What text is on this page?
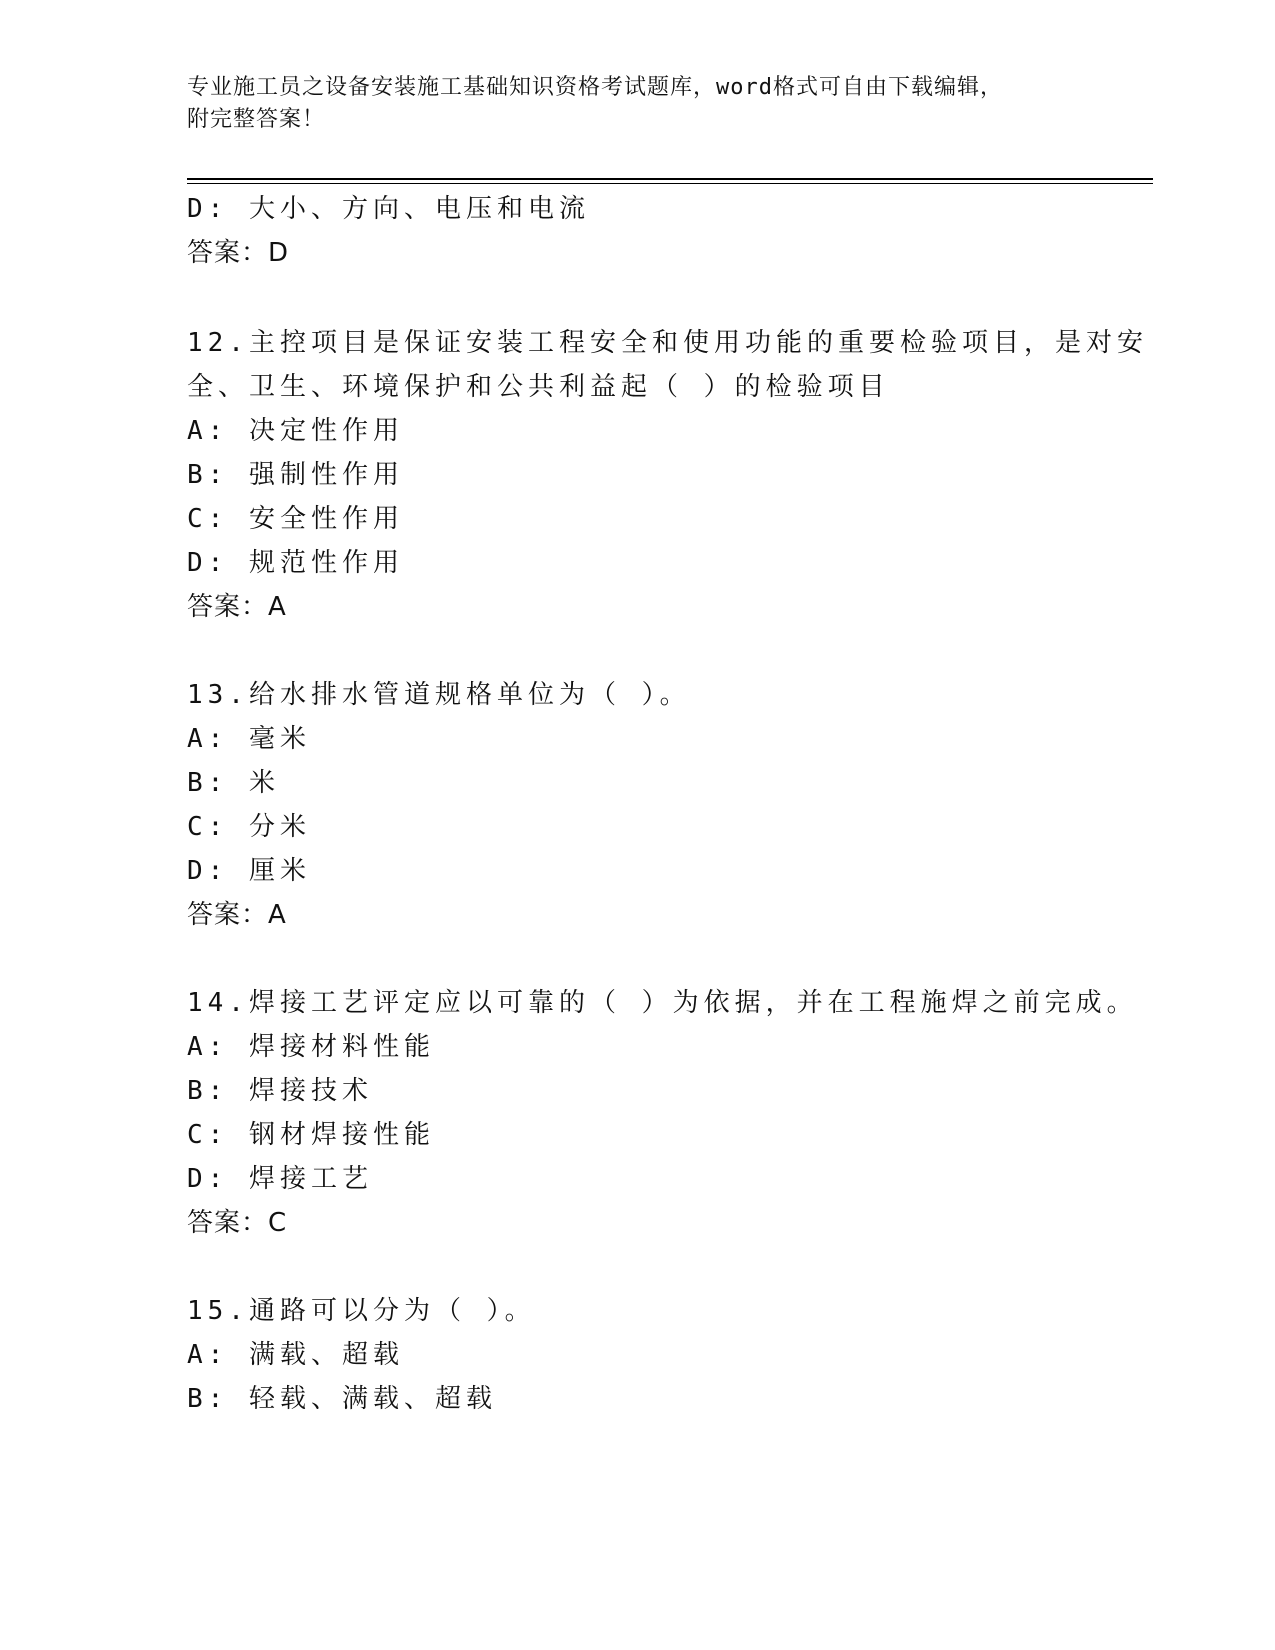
专业施工员之设备安装施工基础知识资格考试题库，word格式可自由下载编辑，
附完整答案！
D: 大小、方向、电压和电流
答案：D
12.主控项目是保证安装工程安全和使用功能的重要检验项目，是对安
全、卫生、环境保护和公共利益起（ ）的检验项目
A: 决定性作用
B: 强制性作用
C: 安全性作用
D: 规范性作用
答案：A
13.给水排水管道规格单位为（ ）。
A: 毫米
B: 米
C: 分米
D: 厘米
答案：A
14.焊接工艺评定应以可靠的（ ）为依据，并在工程施焊之前完成。
A: 焊接材料性能
B: 焊接技术
C: 钢材焊接性能
D: 焊接工艺
答案：C
15.通路可以分为（ ）。
A: 满载、超载
B: 轻载、满载、超载
